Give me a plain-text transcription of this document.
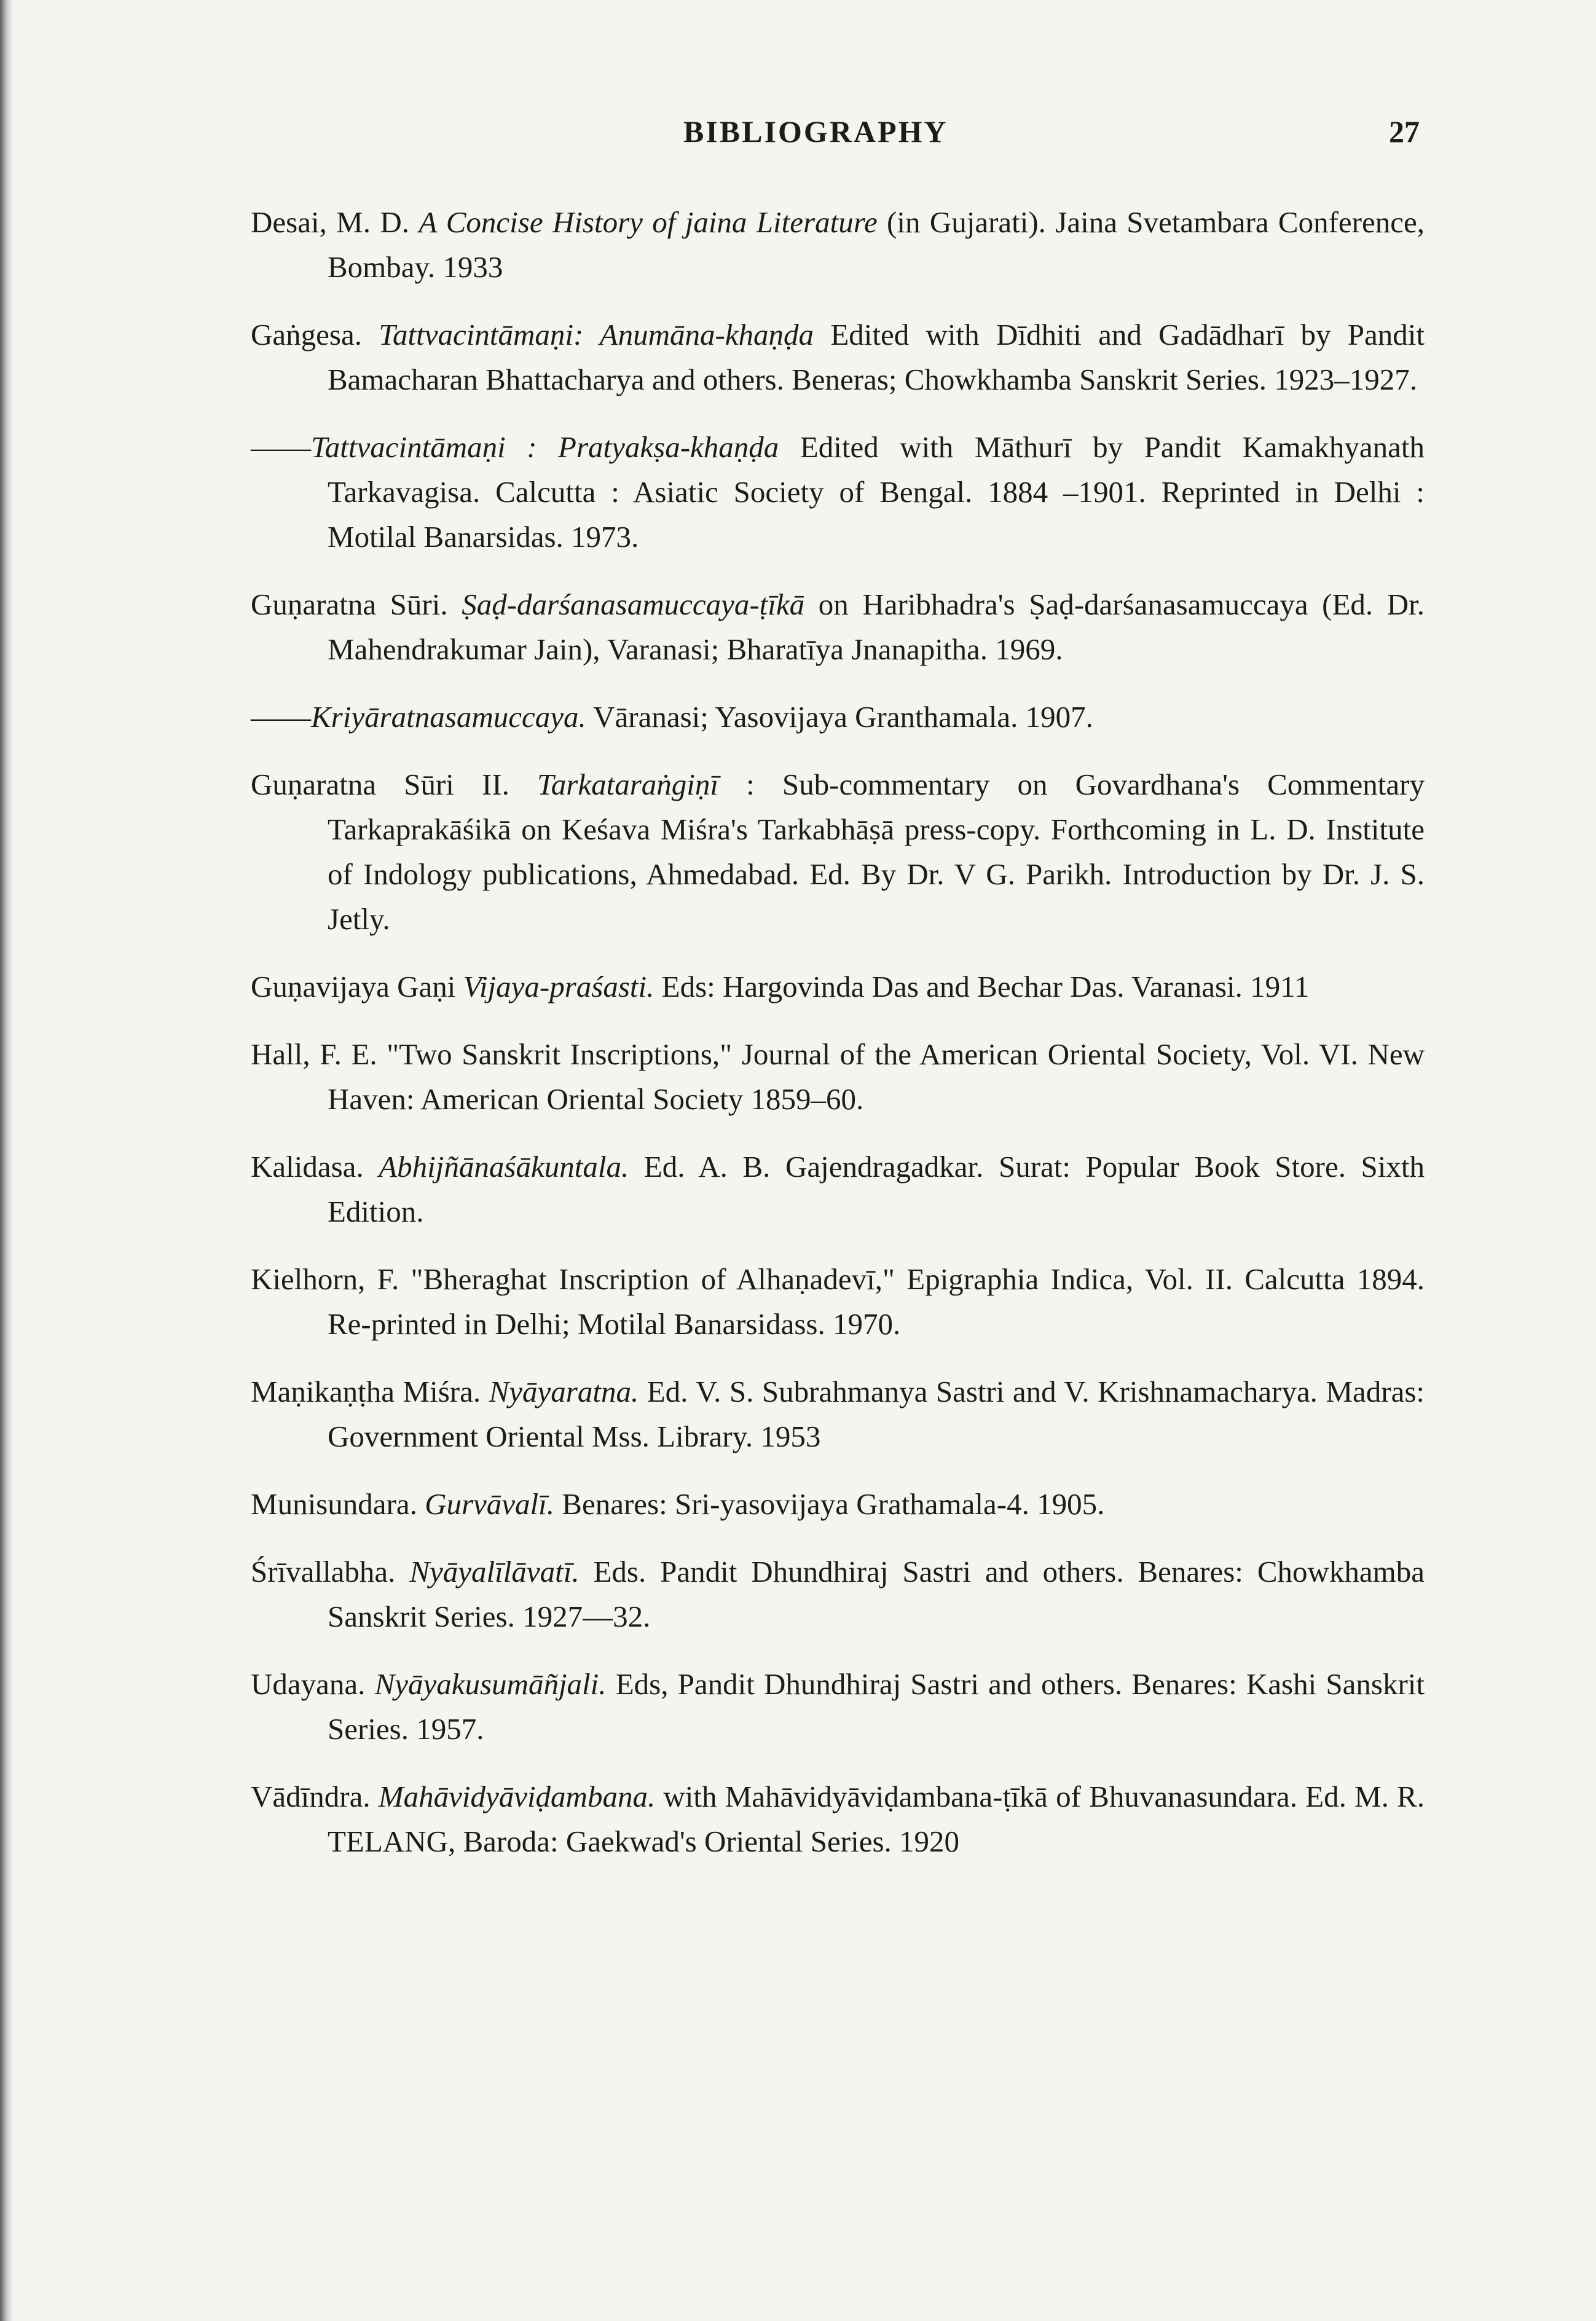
BIBLIOGRAPHY	27

Desai, M. D. A Concise History of jaina Literature (in Gujarati). Jaina Svetambara Conference, Bombay. 1933

Gaṅgesa. Tattvacintāmaṇi: Anumāna-khaṇḍa Edited with Dīdhiti and Gadādharī by Pandit Bamacharan Bhattacharya and others. Beneras; Chowkhamba Sanskrit Series. 1923–1927.

——Tattvacintāmaṇi : Pratyakṣa-khaṇḍa Edited with Māthurī by Pandit Kamakhyanath Tarkavagisa. Calcutta : Asiatic Society of Bengal. 1884 –1901. Reprinted in Delhi : Motilal Banarsidas. 1973.

Guṇaratna Sūri. Ṣaḍ-darśanasamuccaya-ṭīkā on Haribhadra's Ṣaḍ-darśanasamuccaya (Ed. Dr. Mahendrakumar Jain), Varanasi; Bharatīya Jnanapitha. 1969.

——Kriyāratnasamuccaya. Vāranasi; Yasovijaya Granthamala. 1907.

Guṇaratna Sūri II. Tarkataraṅgiṇī : Sub-commentary on Govardhana's Commentary Tarkaprakāśikā on Keśava Miśra's Tarkabhāṣā press-copy. Forthcoming in L. D. Institute of Indology publications, Ahmedabad. Ed. By Dr. V G. Parikh. Introduction by Dr. J. S. Jetly.

Guṇavijaya Gaṇi Vijaya-praśasti. Eds: Hargovinda Das and Bechar Das. Varanasi. 1911

Hall, F. E. "Two Sanskrit Inscriptions," Journal of the American Oriental Society, Vol. VI. New Haven: American Oriental Society 1859–60.

Kalidasa. Abhijñānaśākuntala. Ed. A. B. Gajendragadkar. Surat: Popular Book Store. Sixth Edition.

Kielhorn, F. "Bheraghat Inscription of Alhaṇadevī," Epigraphia Indica, Vol. II. Calcutta 1894. Re-printed in Delhi; Motilal Banarsidass. 1970.

Maṇikaṇṭha Miśra. Nyāyaratna. Ed. V. S. Subrahmanya Sastri and V. Krishnamacharya. Madras: Government Oriental Mss. Library. 1953

Munisundara. Gurvāvalī. Benares: Sri-yasovijaya Grathamala-4. 1905.

Śrīvallabha. Nyāyalīlāvatī. Eds. Pandit Dhundhiraj Sastri and others. Benares: Chowkhamba Sanskrit Series. 1927—32.

Udayana. Nyāyakusumāñjali. Eds, Pandit Dhundhiraj Sastri and others. Benares: Kashi Sanskrit Series. 1957.

Vādīndra. Mahāvidyāviḍambana. with Mahāvidyāviḍambana-ṭīkā of Bhuvanasundara. Ed. M. R. TELANG, Baroda: Gaekwad's Oriental Series. 1920
